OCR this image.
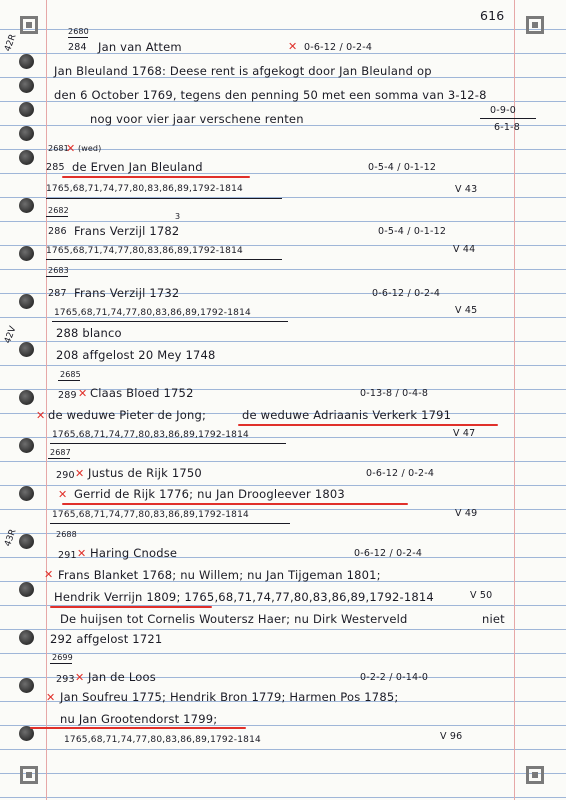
616
42R
42V
43R
2680
284 Jan van Attem	✕ 0-6-12 / 0-2-4
Jan Bleuland 1768: Deese rent is afgekogt door Jan Bleuland op
den 6 October 1769, tegens den penning 50 met een somma van 3-12-8
nog voor vier jaar verschene renten
0-9-0
6-1-8
2681
✕ (wed)
285 de Erven Jan Bleuland	0-5-4 / 0-1-12
1765,68,71,74,77,80,83,86,89,1792-1814	V 43
2682
286 Frans Verzijl 1782
3
0-5-4 / 0-1-12
1765,68,71,74,77,80,83,86,89,1792-1814	V 44
2683
287 Frans Verzijl 1732	0-6-12 / 0-2-4
1765,68,71,74,77,80,83,86,89,1792-1814	V 45
288 blanco
208 affgelost 20 Mey 1748
2685
289 ✕ Claas Bloed 1752	0-13-8 / 0-4-8
✕ de weduwe Pieter de Jong;	de weduwe Adriaanis Verkerk 1791
1765,68,71,74,77,80,83,86,89,1792-1814	V 47
2687
290 ✕ Justus de Rijk 1750	0-6-12 / 0-2-4
✕ Gerrid de Rijk 1776; nu Jan Droogleever 1803
1765,68,71,74,77,80,83,86,89,1792-1814	V 49
2688
291 ✕ Haring Cnodse	0-6-12 / 0-2-4
✕ Frans Blanket 1768; nu Willem; nu Jan Tijgeman 1801;
Hendrik Verrijn 1809; 1765,68,71,74,77,80,83,86,89,1792-1814	V 50
De huijsen tot Cornelis Woutersz Haer; nu Dirk Westerveld	niet
292 affgelost 1721
2699
293 ✕ Jan de Loos	0-2-2 / 0-14-0
✕ Jan Soufreu 1775; Hendrik Bron 1779; Harmen Pos 1785;
nu Jan Grootendorst 1799;
1765,68,71,74,77,80,83,86,89,1792-1814	V 96
